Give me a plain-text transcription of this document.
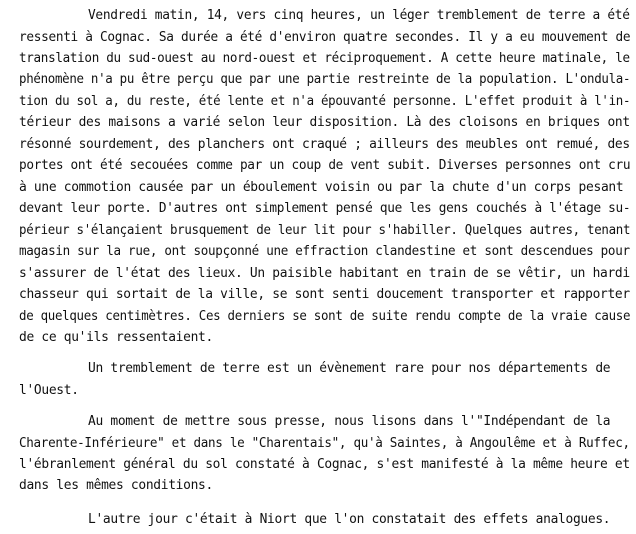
Vendredi matin, 14, vers cinq heures, un léger tremblement de terre a été
ressenti à Cognac. Sa durée a été d'environ quatre secondes. Il y a eu mouvement de
translation du sud-ouest au nord-ouest et réciproquement. A cette heure matinale, le
phénomène n'a pu être perçu que par une partie restreinte de la population. L'ondula-
tion du sol a, du reste, été lente et n'a épouvanté personne. L'effet produit à l'in-
térieur des maisons a varié selon leur disposition. Là des cloisons en briques ont
résonné sourdement, des planchers ont craqué ; ailleurs des meubles ont remué, des
portes ont été secouées comme par un coup de vent subit. Diverses personnes ont cru
à une commotion causée par un éboulement voisin ou par la chute d'un corps pesant
devant leur porte. D'autres ont simplement pensé que les gens couchés à l'étage su-
périeur s'élançaient brusquement de leur lit pour s'habiller. Quelques autres, tenant
magasin sur la rue, ont soupçonné une effraction clandestine et sont descendues pour
s'assurer de l'état des lieux. Un paisible habitant en train de se vêtir, un hardi
chasseur qui sortait de la ville, se sont senti doucement transporter et rapporter
de quelques centimètres. Ces derniers se sont de suite rendu compte de la vraie cause
de ce qu'ils ressentaient.
Un tremblement de terre est un évènement rare pour nos départements de
l'Ouest.
Au moment de mettre sous presse, nous lisons dans l'"Indépendant de la
Charente-Inférieure" et dans le "Charentais", qu'à Saintes, à Angoulême et à Ruffec,
l'ébranlement général du sol constaté à Cognac, s'est manifesté à la même heure et
dans les mêmes conditions.
L'autre jour c'était à Niort que l'on constatait des effets analogues.
